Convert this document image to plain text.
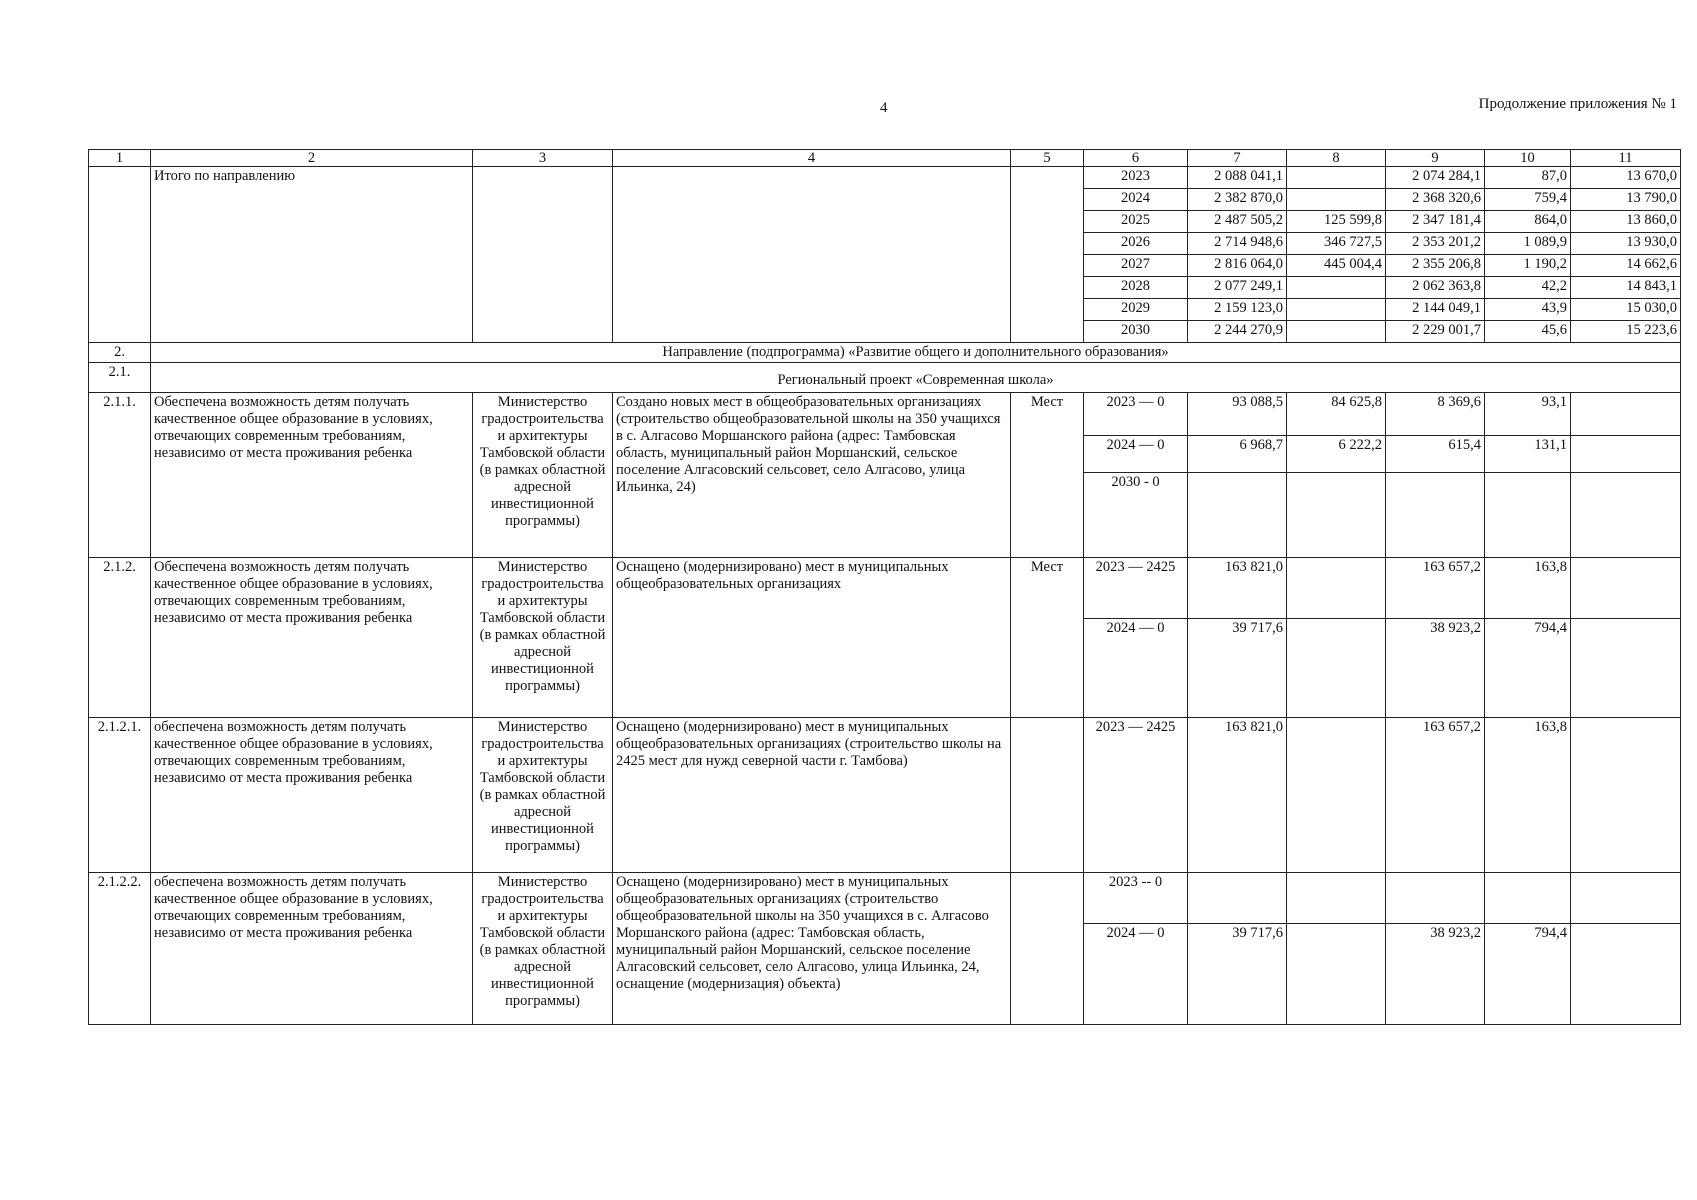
4	Продолжение приложения № 1
1	2	3	4	5	6	7	8	9	10	11
	Итого по направлению				2023	2 088 041,1		2 074 284,1	87,0	13 670,0
					2024	2 382 870,0		2 368 320,6	759,4	13 790,0
					2025	2 487 505,2	125 599,8	2 347 181,4	864,0	13 860,0
					2026	2 714 948,6	346 727,5	2 353 201,2	1 089,9	13 930,0
					2027	2 816 064,0	445 004,4	2 355 206,8	1 190,2	14 662,6
					2028	2 077 249,1		2 062 363,8	42,2	14 843,1
					2029	2 159 123,0		2 144 049,1	43,9	15 030,0
					2030	2 244 270,9		2 229 001,7	45,6	15 223,6
2.	Направление (подпрограмма) «Развитие общего и дополнительного образования»									
2.1.	Региональный проект «Современная школа»									
2.1.1.	Обеспечена возможность детям получать качественное общее образование в условиях, отвечающих современным требованиям, независимо от места проживания ребенка	Министерство градостроительства и архитектуры Тамбовской области (в рамках областной адресной инвестиционной программы)	Создано новых мест в общеобразовательных организациях (строительство общеобразовательной школы на 350 учащихся в с. Алгасово Моршанского района (адрес: Тамбовская область, муниципальный район Моршанский, сельское поселение Алгасовский сельсовет, село Алгасово, улица Ильинка, 24)	Мест	2023 — 0	93 088,5	84 625,8	8 369,6	93,1	
					2024 — 0	6 968,7	6 222,2	615,4	131,1	
					2030 - 0					
2.1.2.	Обеспечена возможность детям получать качественное общее образование в условиях, отвечающих современным требованиям, независимо от места проживания ребенка	Министерство градостроительства и архитектуры Тамбовской области (в рамках областной адресной инвестиционной программы)	Оснащено (модернизировано) мест в муниципальных общеобразовательных организациях	Мест	2023 — 2425	163 821,0		163 657,2	163,8	
					2024 — 0	39 717,6		38 923,2	794,4	
2.1.2.1.	обеспечена возможность детям получать качественное общее образование в условиях, отвечающих современным требованиям, независимо от места проживания ребенка	Министерство градостроительства и архитектуры Тамбовской области (в рамках областной адресной инвестиционной программы)	Оснащено (модернизировано) мест в муниципальных общеобразовательных организациях (строительство школы на 2425 мест для нужд северной части г. Тамбова)		2023 — 2425	163 821,0		163 657,2	163,8	
2.1.2.2.	обеспечена возможность детям получать качественное общее образование в условиях, отвечающих современным требованиям, независимо от места проживания ребенка	Министерство градостроительства и архитектуры Тамбовской области (в рамках областной адресной инвестиционной программы)	Оснащено (модернизировано) мест в муниципальных общеобразовательных организациях (строительство общеобразовательной школы на 350 учащихся в с. Алгасово Моршанского района (адрес: Тамбовская область, муниципальный район Моршанский, сельское поселение Алгасовский сельсовет, село Алгасово, улица Ильинка, 24, оснащение (модернизация) объекта)		2023 -- 0					
					2024 — 0	39 717,6		38 923,2	794,4	
